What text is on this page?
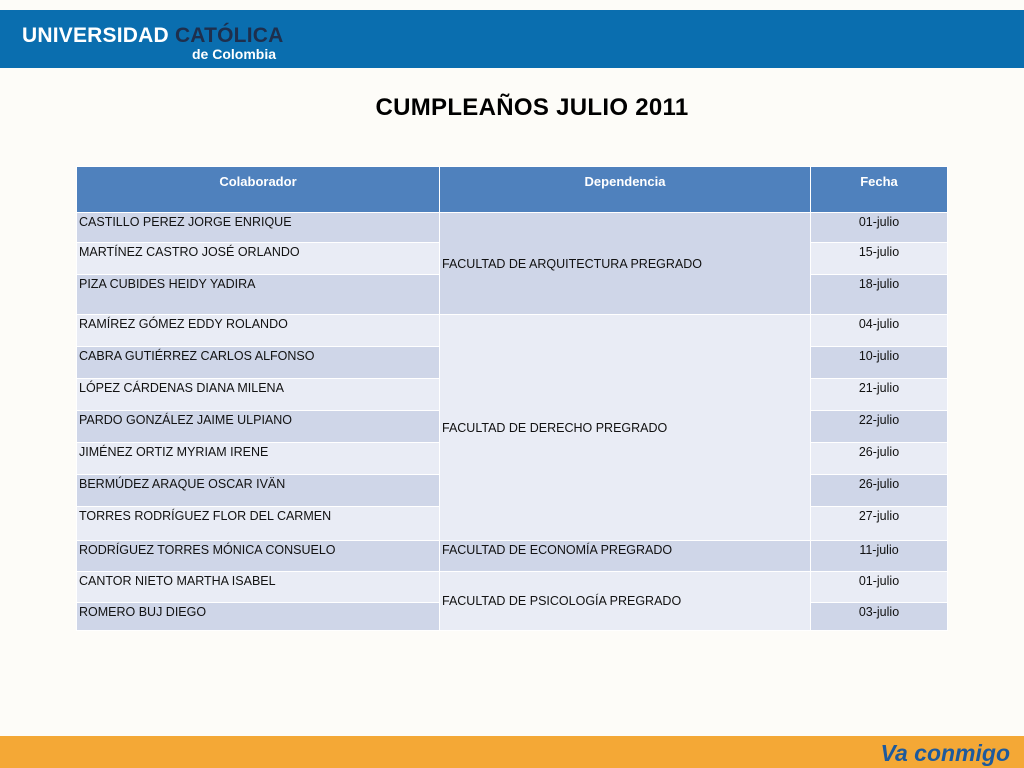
UNIVERSIDAD CATÓLICA
de Colombia
CUMPLEAÑOS JULIO 2011
Colaborador	Dependencia	Fecha
CASTILLO PEREZ JORGE ENRIQUE	FACULTAD DE ARQUITECTURA PREGRADO	01-julio
MARTÍNEZ CASTRO JOSÉ ORLANDO		15-julio
PIZA CUBIDES HEIDY YADIRA		18-julio
RAMÍREZ GÓMEZ EDDY ROLANDO	FACULTAD DE DERECHO PREGRADO	04-julio
CABRA GUTIÉRREZ CARLOS ALFONSO		10-julio
LÓPEZ CÁRDENAS DIANA MILENA		21-julio
PARDO GONZÁLEZ JAIME ULPIANO		22-julio
JIMÉNEZ ORTIZ MYRIAM IRENE		26-julio
BERMÚDEZ ARAQUE OSCAR IVÄN		26-julio
TORRES RODRÍGUEZ FLOR DEL CARMEN		27-julio
RODRÍGUEZ TORRES MÓNICA CONSUELO	FACULTAD DE ECONOMÍA PREGRADO	11-julio
CANTOR NIETO MARTHA ISABEL	FACULTAD DE PSICOLOGÍA PREGRADO	01-julio
ROMERO BUJ DIEGO		03-julio
Va conmigo
